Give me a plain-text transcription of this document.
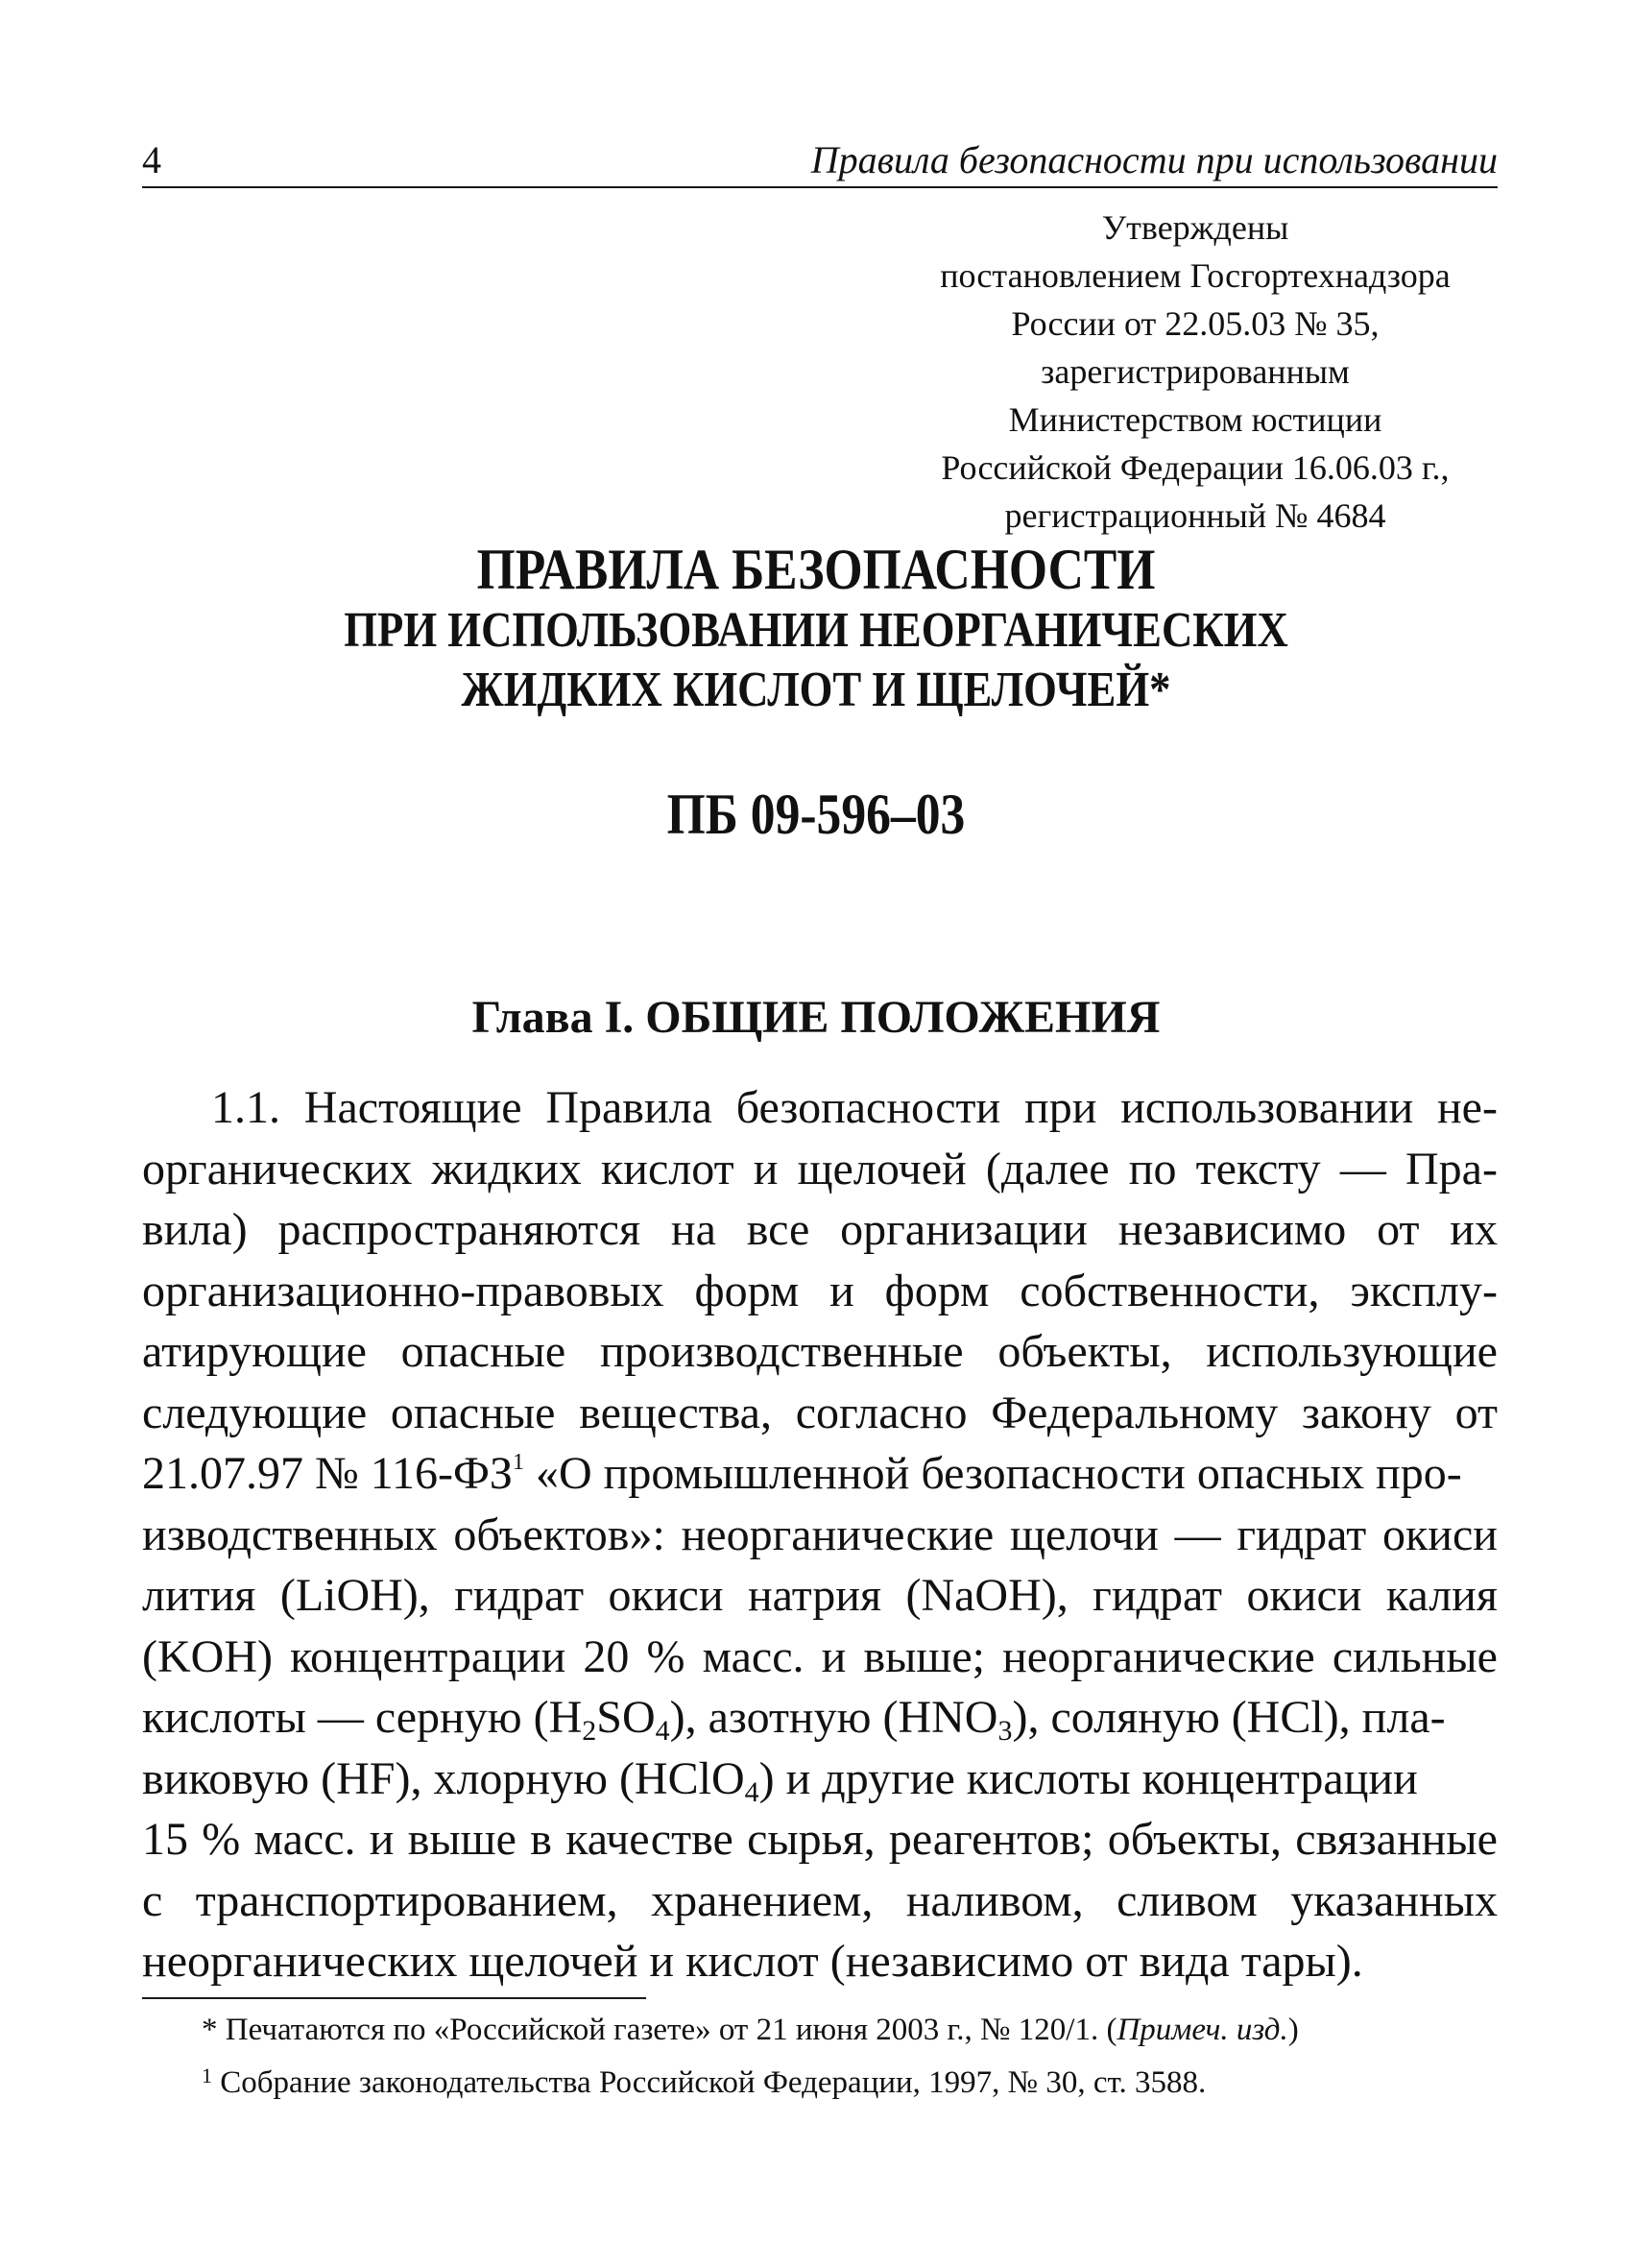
4	Правила безопасности при использовании
Утверждены
постановлением Госгортехнадзора
России от 22.05.03 № 35,
зарегистрированным
Министерством юстиции
Российской Федерации 16.06.03 г.,
регистрационный № 4684
ПРАВИЛА БЕЗОПАСНОСТИ
ПРИ ИСПОЛЬЗОВАНИИ НЕОРГАНИЧЕСКИХ
ЖИДКИХ КИСЛОТ И ЩЕЛОЧЕЙ*
ПБ 09-596–03
Глава I. ОБЩИЕ ПОЛОЖЕНИЯ
1.1. Настоящие Правила безопасности при использовании не-
органических жидких кислот и щелочей (далее по тексту — Пра-
вила) распространяются на все организации независимо от их
организационно-правовых форм и форм собственности, эксплу-
атирующие опасные производственные объекты, использующие
следующие опасные вещества, согласно Федеральному закону от
21.07.97 № $116-ФЗ^1$ «О промышленной безопасности опасных про-
изводственных объектов»: неорганические щелочи — гидрат окиси
лития (LiOH), гидрат окиси натрия (NaOH), гидрат окиси калия
(KOH) концентрации 20 % масс. и выше; неорганические сильные
кислоты — серную $(H_2SO_4)$, азотную $(HNO_3)$, соляную (HCl), пла-
виковую (HF), хлорную (HClO$_4$) и другие кислоты концентрации
15 % масс. и выше в качестве сырья, реагентов; объекты, связанные
с транспортированием, хранением, наливом, сливом указанных
неорганических щелочей и кислот (независимо от вида тары).
* Печатаются по «Российской газете» от 21 июня 2003 г., № 120/1. (Примеч. изд.)
$^1$ Собрание законодательства Российской Федерации, 1997, № 30, ст. 3588.
